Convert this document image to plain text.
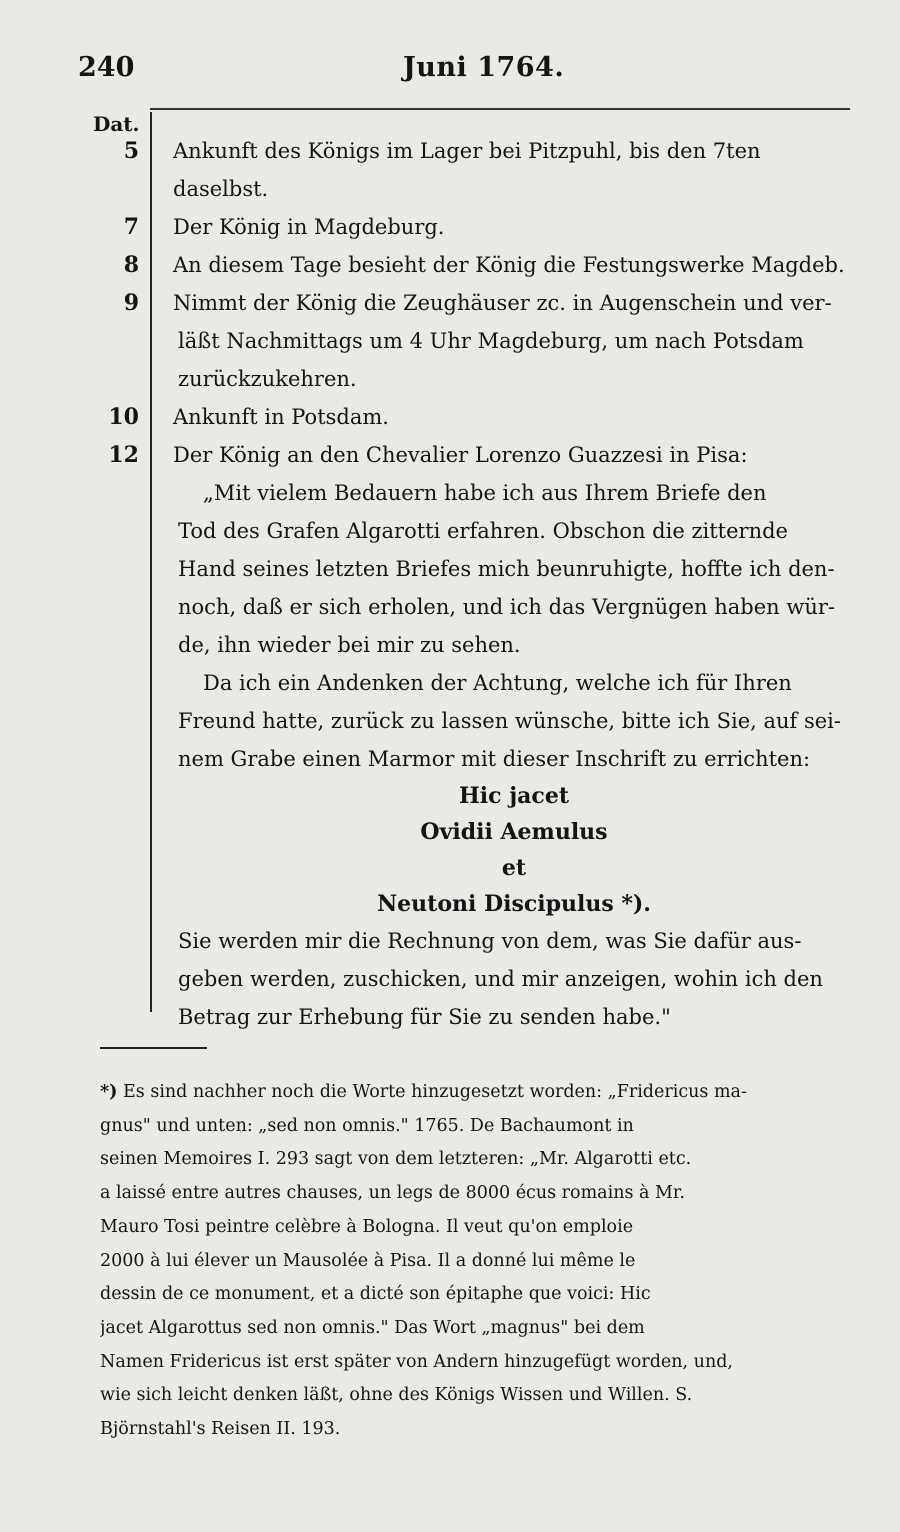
240	Juni 1764.
Dat.
5 Ankunft des Königs im Lager bei Pitzpuhl, bis den 7ten daselbst.
7 Der König in Magdeburg.
8 An diesem Tage besieht der König die Festungswerke Magdeb.
9 Nimmt der König die Zeughäuser zc. in Augenschein und ver-
läßt Nachmittags um 4 Uhr Magdeburg, um nach Potsdam
zurückzukehren.
10 Ankunft in Potsdam.
12 Der König an den Chevalier Lorenzo Guazzesi in Pisa:
„Mit vielem Bedauern habe ich aus Ihrem Briefe den
Tod des Grafen Algarotti erfahren. Obschon die zitternde
Hand seines letzten Briefes mich beunruhigte, hoffte ich den-
noch, daß er sich erholen, und ich das Vergnügen haben wür-
de, ihn wieder bei mir zu sehen.
Da ich ein Andenken der Achtung, welche ich für Ihren
Freund hatte, zurück zu lassen wünsche, bitte ich Sie, auf sei-
nem Grabe einen Marmor mit dieser Inschrift zu errichten:
Hic jacet
Ovidii Aemulus
et
Neutoni Discipulus *).
Sie werden mir die Rechnung von dem, was Sie dafür aus-
geben werden, zuschicken, und mir anzeigen, wohin ich den
Betrag zur Erhebung für Sie zu senden habe."
*) Es sind nachher noch die Worte hinzugesetzt worden: „Fridericus ma-
gnus" und unten: „sed non omnis." 1765. De Bachaumont in
seinen Memoires I. 293 sagt von dem letzteren: „Mr. Algarotti etc.
a laissé entre autres chauses, un legs de 8000 écus romains à Mr.
Mauro Tosi peintre celèbre à Bologna. Il veut qu'on emploie
2000 à lui élever un Mausolée à Pisa. Il a donné lui même le
dessin de ce monument, et a dicté son épitaphe que voici: Hic
jacet Algarottus sed non omnis." Das Wort „magnus" bei dem
Namen Fridericus ist erst später von Andern hinzugefügt worden, und,
wie sich leicht denken läßt, ohne des Königs Wissen und Willen. S.
Björnstahl's Reisen II. 193.
